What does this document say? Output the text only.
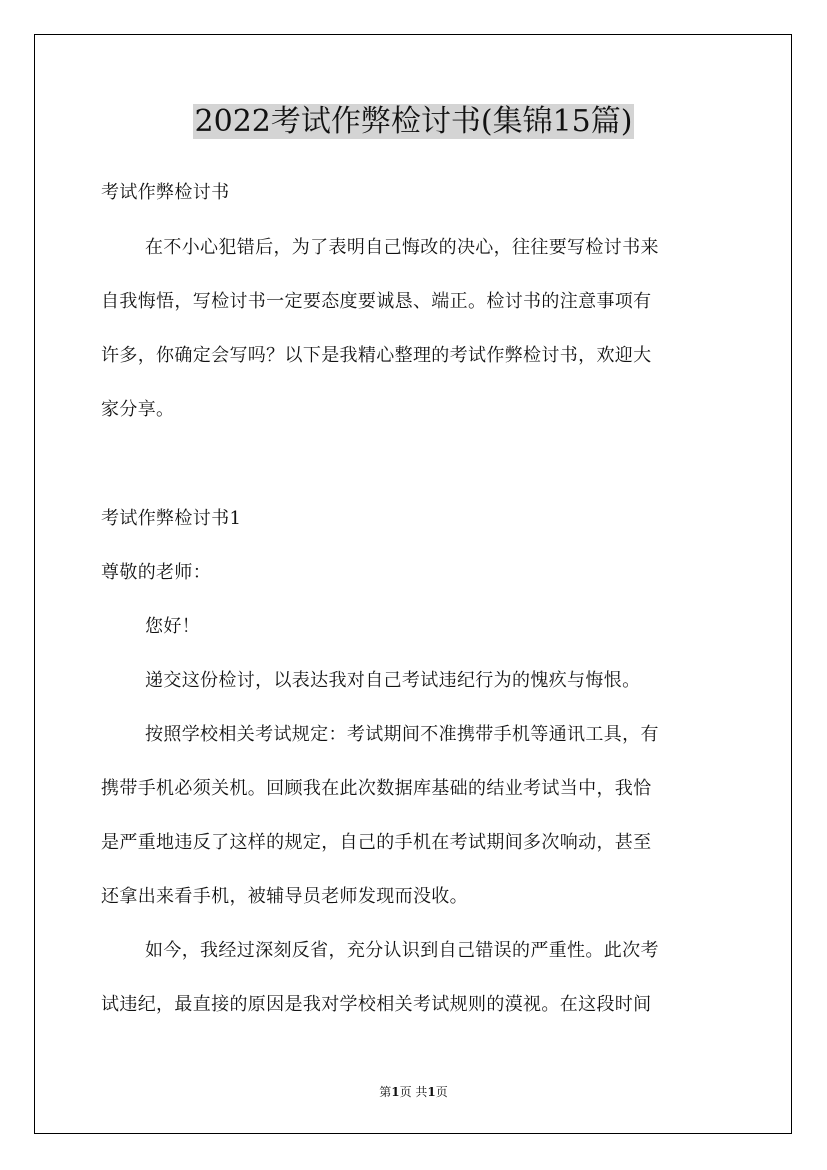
2022考试作弊检讨书(集锦15篇)
考试作弊检讨书
在不小心犯错后，为了表明自己悔改的决心，往往要写检讨书来
自我悔悟，写检讨书一定要态度要诚恳、端正。检讨书的注意事项有
许多，你确定会写吗？以下是我精心整理的考试作弊检讨书，欢迎大
家分享。
考试作弊检讨书1
尊敬的老师：
您好！
递交这份检讨，以表达我对自己考试违纪行为的愧疚与悔恨。
按照学校相关考试规定：考试期间不准携带手机等通讯工具，有
携带手机必须关机。回顾我在此次数据库基础的结业考试当中，我恰
是严重地违反了这样的规定，自己的手机在考试期间多次响动，甚至
还拿出来看手机，被辅导员老师发现而没收。
如今，我经过深刻反省，充分认识到自己错误的严重性。此次考
试违纪，最直接的原因是我对学校相关考试规则的漠视。在这段时间
第1页 共1页
